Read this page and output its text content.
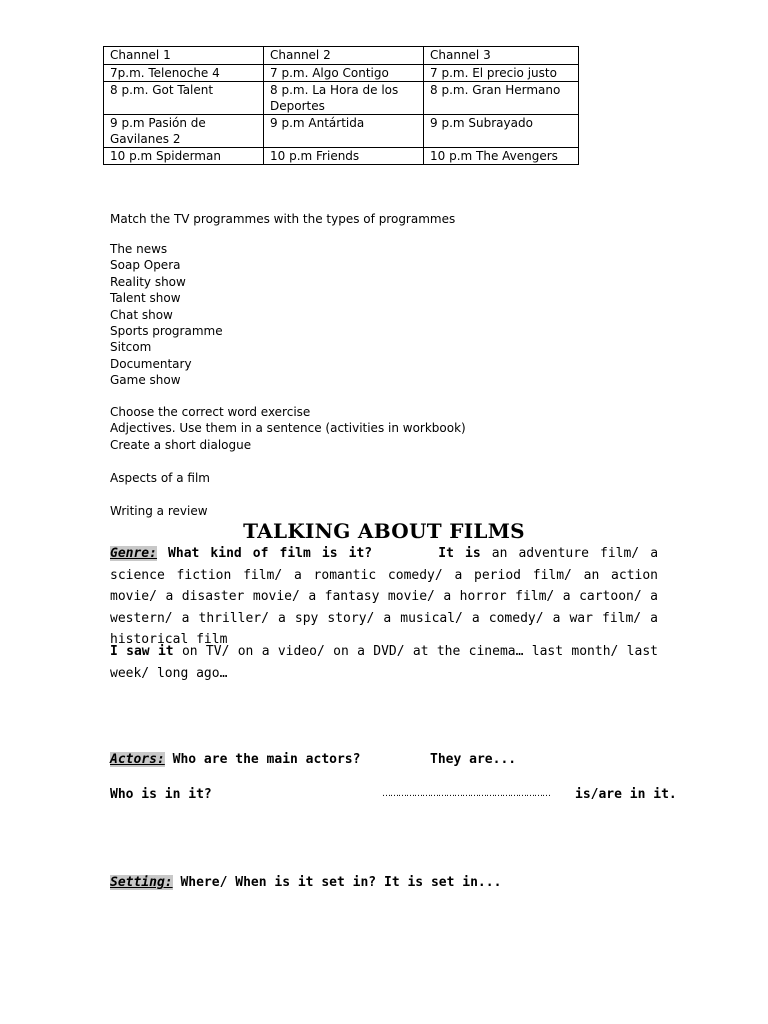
Channel 1	Channel 2	Channel 3
7p.m. Telenoche 4	7 p.m. Algo Contigo	7 p.m. El precio justo
8 p.m. Got Talent	8 p.m. La Hora de los Deportes	8 p.m. Gran Hermano
9 p.m Pasión de Gavilanes 2	9 p.m Antártida	9 p.m Subrayado
10 p.m Spiderman	10 p.m Friends	10 p.m The Avengers
Match the TV programmes with the types of programmes
The news
Soap Opera
Reality show
Talent show
Chat show
Sports programme
Sitcom
Documentary
Game show
Choose the correct word exercise
Adjectives. Use them in a sentence (activities in workbook)
Create a short dialogue
Aspects of a film
Writing a review
TALKING ABOUT FILMS
Genre: What kind of film is it?	It is an adventure film/ a science fiction film/ a romantic comedy/ a period film/ an action movie/ a disaster movie/ a fantasy movie/ a horror film/ a cartoon/ a western/ a thriller/ a spy story/ a musical/ a comedy/ a war film/ a historical film
I saw it on TV/ on a video/ on a DVD/ at the cinema… last month/ last week/ long ago…
Actors: Who are the main actors?	They are...
Who is in it?	……………………………………………………… is/are in it.
Setting: Where/ When is it set in? It is set in...
